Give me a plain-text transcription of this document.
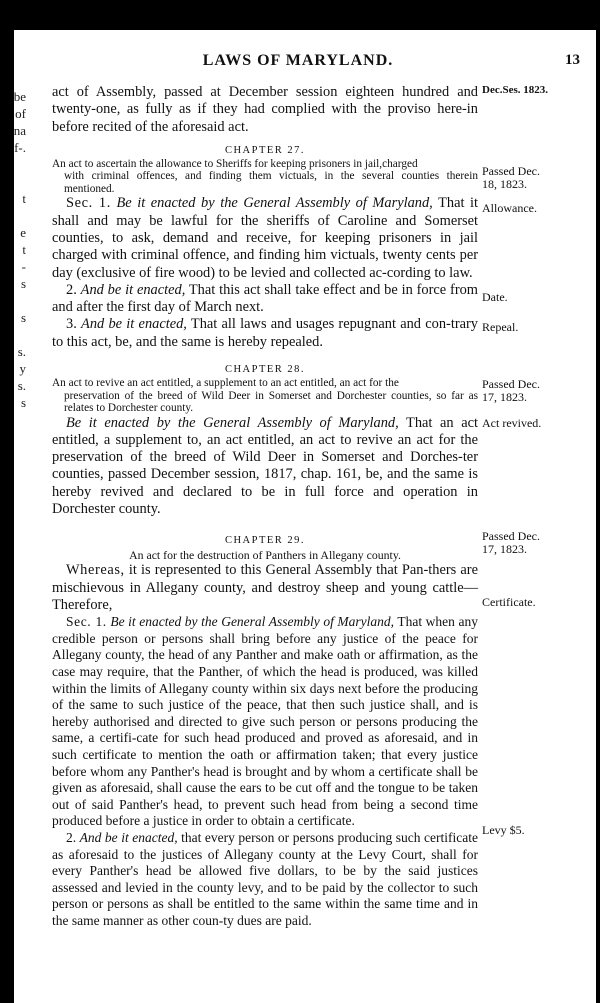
be
of
na
f-.

t

e
t
-
s

s

s.
y
s.
s
LAWS OF MARYLAND.	13

act of Assembly, passed at December session eighteen hundred and twenty-one, as fully as if they had complied with the proviso here-in before recited of the aforesaid act.

CHAPTER 27.

An act to ascertain the allowance to Sheriffs for keeping prisoners in jail,charged
with criminal offences, and finding them victuals, in the several counties therein mentioned.

Sec. 1. Be it enacted by the General Assembly of Maryland, That it shall and may be lawful for the sheriffs of Caroline and Somerset counties, to ask, demand and receive, for keeping prisoners in jail charged with criminal offence, and finding him victuals, twenty cents per day (exclusive of fire wood) to be levied and collected ac-cording to law.

2. And be it enacted, That this act shall take effect and be in force from and after the first day of March next.

3. And be it enacted, That all laws and usages repugnant and con-trary to this act, be, and the same is hereby repealed.

CHAPTER 28.

An act to revive an act entitled, a supplement to an act entitled, an act for the
preservation of the breed of Wild Deer in Somerset and Dorchester counties, so far as relates to Dorchester county.

Be it enacted by the General Assembly of Maryland, That an act entitled, a supplement to, an act entitled, an act to revive an act for the preservation of the breed of Wild Deer in Somerset and Dorches-ter counties, passed December session, 1817, chap. 161, be, and the same is hereby revived and declared to be in full force and operation in Dorchester county.

CHAPTER 29.

An act for the destruction of Panthers in Allegany county.

Whereas, it is represented to this General Assembly that Pan-thers are mischievous in Allegany county, and destroy sheep and young cattle—Therefore,

Sec. 1. Be it enacted by the General Assembly of Maryland, That when any credible person or persons shall bring before any justice of the peace for Allegany county, the head of any Panther and make oath or affirmation, as the case may require, that the Panther, of which the head is produced, was killed within the limits of Allegany county within six days next before the producing of the same to such justice of the peace, that then such justice shall, and is hereby authorised and directed to give such person or persons producing the same, a certifi-cate for such head produced and proved as aforesaid, and in such certificate to mention the oath or affirmation taken; that every justice before whom any Panther's head is brought and by whom a certificate shall be given as aforesaid, shall cause the ears to be cut off and the tongue to be taken out of said Panther's head, to prevent such head from being a second time produced before a justice in order to obtain a certificate.

2. And be it enacted, that every person or persons producing such certificate as aforesaid to the justices of Allegany county at the Levy Court, shall for every Panther's head be allowed five dollars, to be by the said justices assessed and levied in the county levy, and to be paid by the collector to such person or persons as shall be entitled to the same within the same time and in the same manner as other coun-ty dues are paid.

Dec.Ses. 1823.
Passed Dec.
18, 1823.
Allowance.
Date.
Repeal.
Passed Dec.
17, 1823.
Act revived.
Passed Dec.
17, 1823.
Certificate.
Levy $5.
